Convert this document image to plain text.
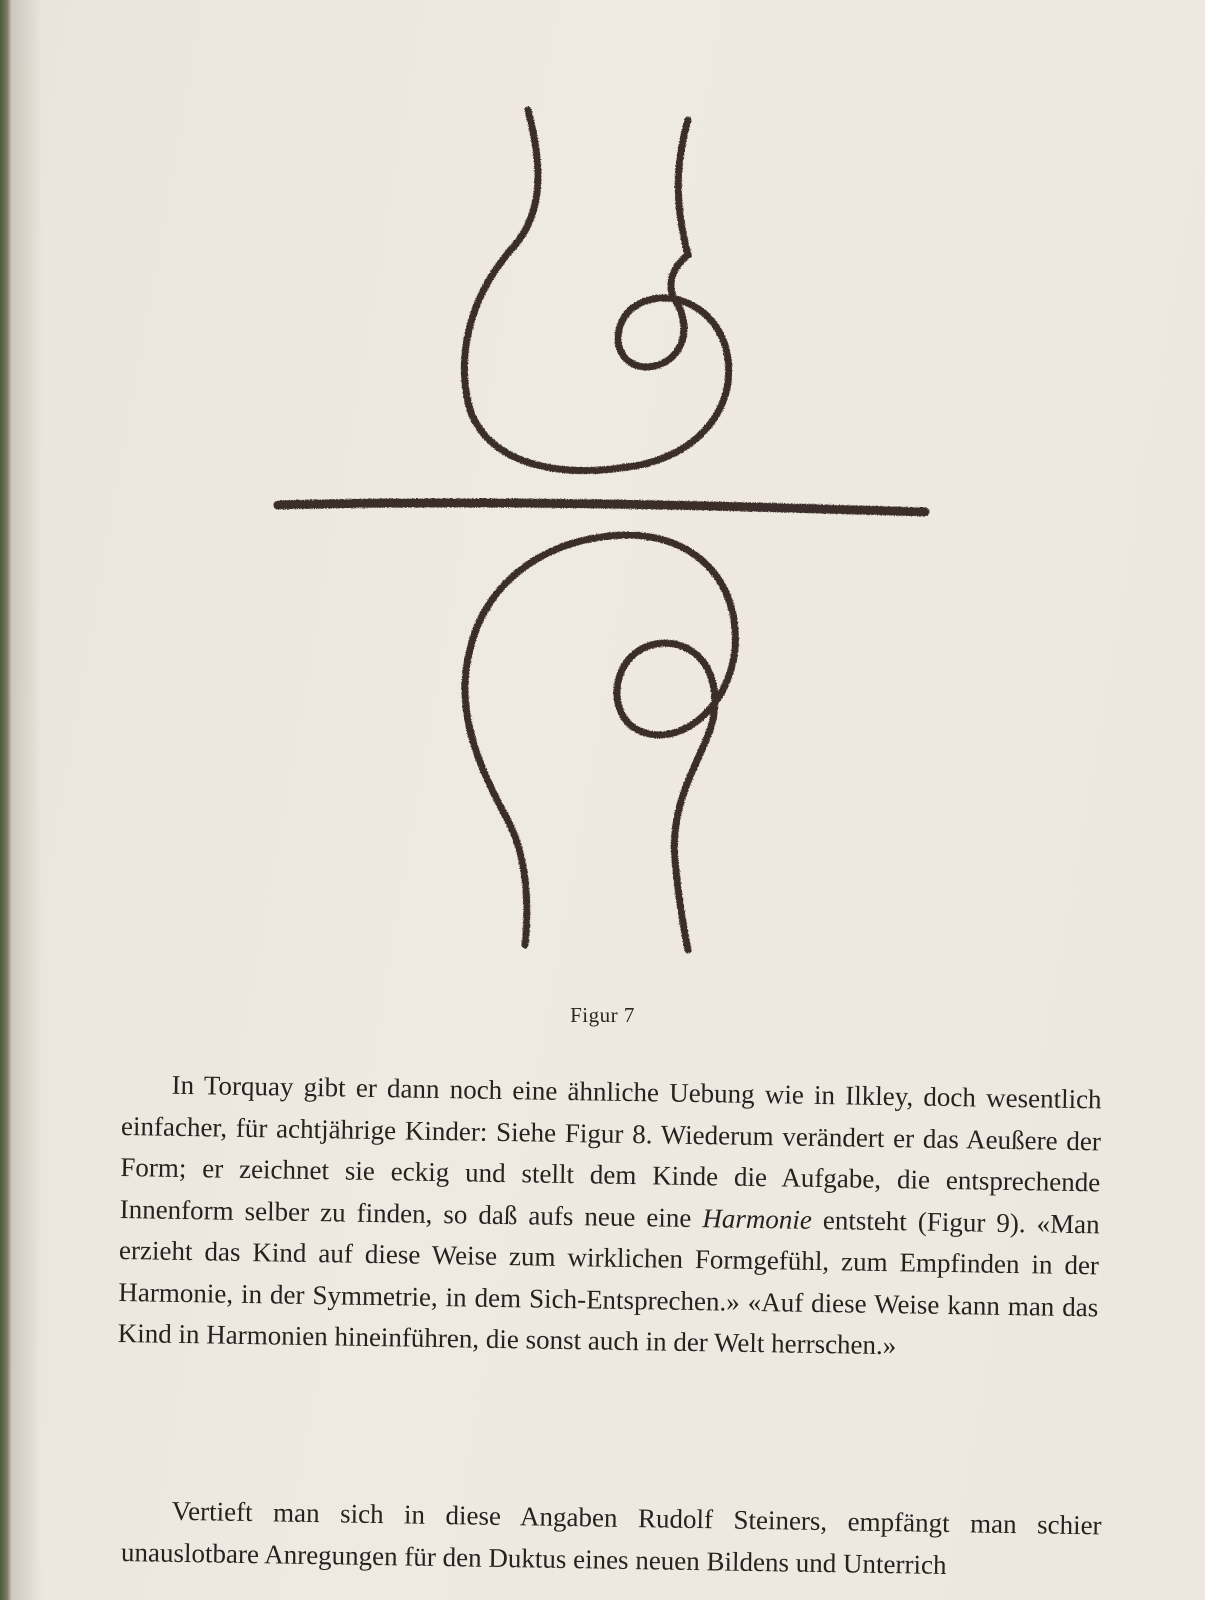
Figur 7

In Torquay gibt er dann noch eine ähnliche Uebung wie in Ilkley, doch wesentlich einfacher, für achtjährige Kinder: Siehe Figur 8. Wiederum verändert er das Aeußere der Form; er zeichnet sie eckig und stellt dem Kinde die Aufgabe, die entsprechende Innenform selber zu finden, so daß aufs neue eine Harmonie entsteht (Figur 9). «Man erzieht das Kind auf diese Weise zum wirklichen Formgefühl, zum Empfinden in der Harmonie, in der Symmetrie, in dem Sich-Entsprechen.» «Auf diese Weise kann man das Kind in Harmonien hineinführen, die sonst auch in der Welt herrschen.»

Vertieft man sich in diese Angaben Rudolf Steiners, empfängt man schier unauslotbare Anregungen für den Duktus eines neuen Bildens und Unterrich
